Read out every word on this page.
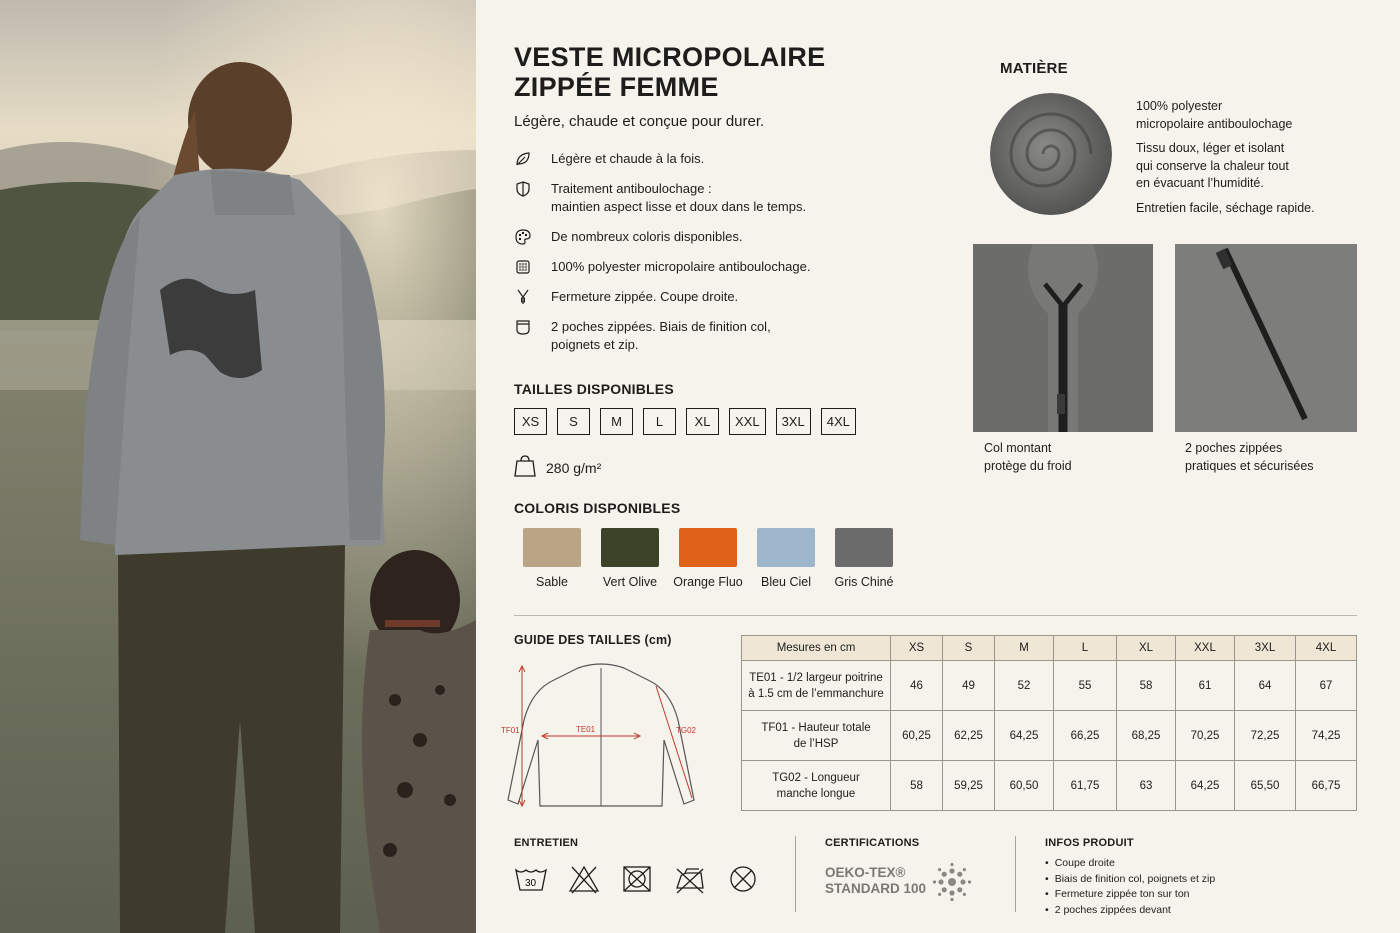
VESTE MICROPOLAIRE ZIPPÉE FEMME
Légère, chaude et conçue pour durer.
Légère et chaude à la fois.
Traitement antiboulochage :
maintien aspect lisse et doux dans le temps.
De nombreux coloris disponibles.
100% polyester micropolaire antiboulochage.
Fermeture zippée. Coupe droite.
2 poches zippées. Biais de finition col,
poignets et zip.
TAILLES DISPONIBLES
XS	S	M	L	XL	XXL	3XL	4XL
280 g/m²
COLORIS DISPONIBLES
Sable	Vert Olive Orange Fluo Bleu Ciel Gris Chiné
MATIÈRE

100% polyester
micropolaire antiboulochage

Tissu doux, léger et isolant
qui conserve la chaleur tout
en évacuant l’humidité.

Entretien facile, séchage rapide.

Col montant
protège du froid
2 poches zippées
pratiques et sécurisées
GUIDE DES TAILLES (cm)
TF01	TE01	TG02
Mesures en cm	XS	S	M	L	XL	XXL	3XL	4XL
TE01 - 1/2 largeur poitrine
à 1.5 cm de l’emmanchure	46	49	52	55	58	61	64	67
TF01 - Hauteur totale
de l’HSP	60,25	62,25	64,25	66,25	68,25	70,25	72,25	74,25
TG02 - Longueur
manche longue	58	59,25	60,50	61,75	63	64,25	65,50	66,75
ENTRETIEN
30
CERTIFICATIONS
OEKO-TEX®
STANDARD 100
INFOS PRODUIT
• Coupe droite
• Biais de finition col, poignets et zip
• Fermeture zippée ton sur ton
• 2 poches zippées devant
